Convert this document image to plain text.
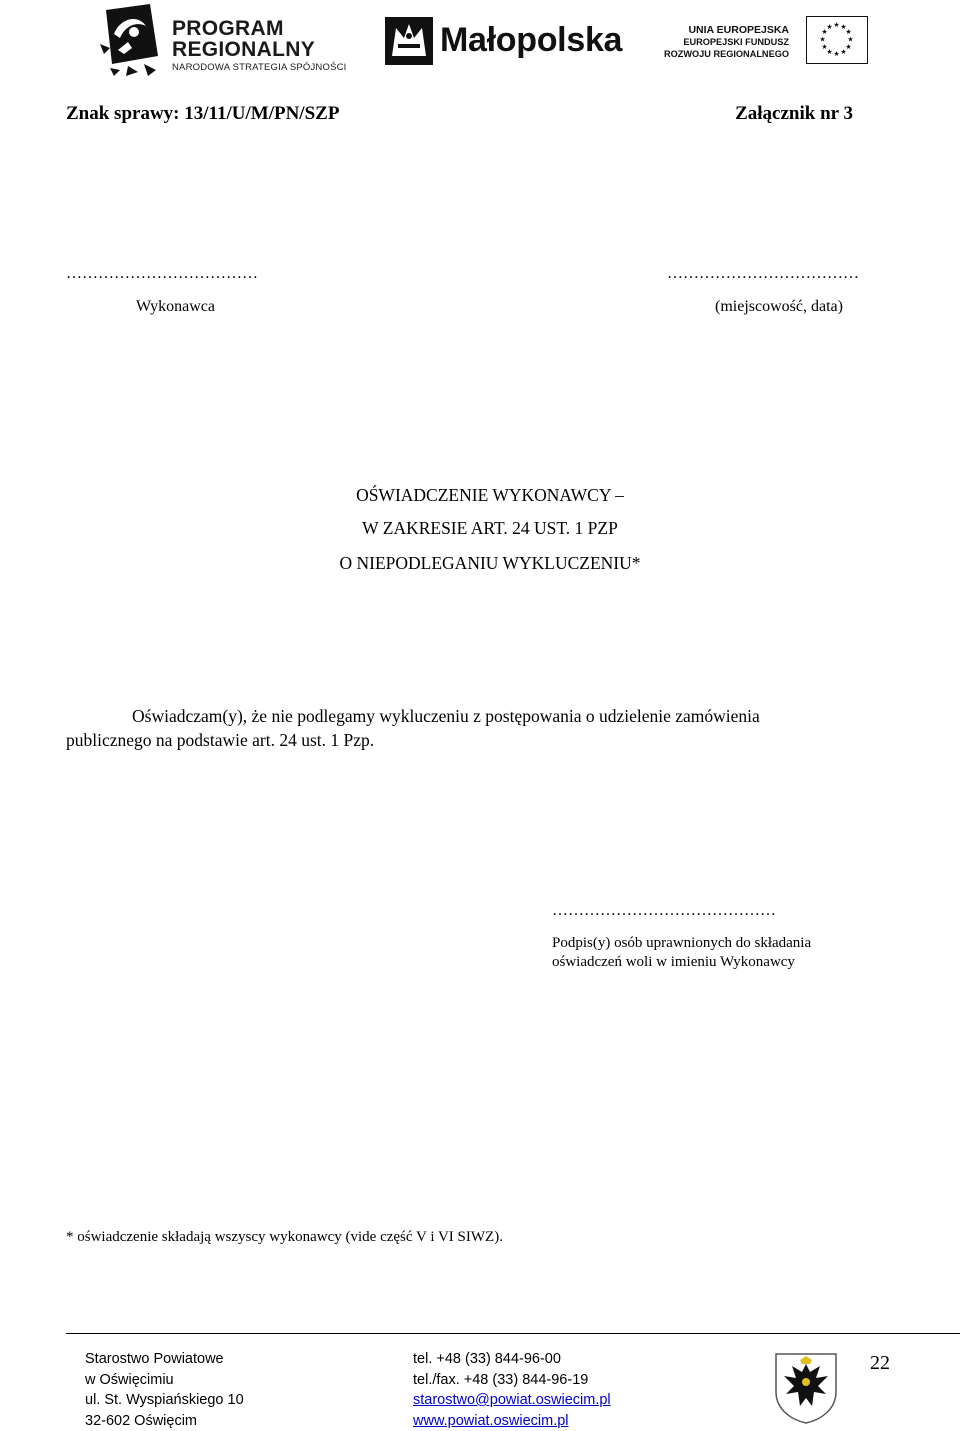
PROGRAM
REGIONALNY
NARODOWA STRATEGIA SPÓJNOŚCI
Małopolska	UNIA EUROPEJSKA
EUROPEJSKI FUNDUSZ
ROZWOJU REGIONALNEGO
★ ★
★
★
★
★
★
★
★
★
★
★
Znak sprawy: 13/11/U/M/PN/SZP	Załącznik nr 3
………………………………	………………………………
Wykonawca	(miejscowość, data)
OŚWIADCZENIE WYKONAWCY –
W ZAKRESIE ART. 24 UST. 1 PZP
O NIEPODLEGANIU WYKLUCZENIU*
Oświadczam(y), że nie podlegamy wykluczeniu z postępowania o udzielenie zamówienia
publicznego na podstawie art. 24 ust. 1 Pzp.
……………………………………
Podpis(y) osób uprawnionych do składania
oświadczeń woli w imieniu Wykonawcy
* oświadczenie składają wszyscy wykonawcy (vide część V i VI SIWZ).
Starostwo Powiatowe
w Oświęcimiu
ul. St. Wyspiańskiego 10
32-602 Oświęcim
tel. +48 (33) 844-96-00
tel./fax. +48 (33) 844-96-19
starostwo@powiat.oswiecim.pl
www.powiat.oswiecim.pl
22
